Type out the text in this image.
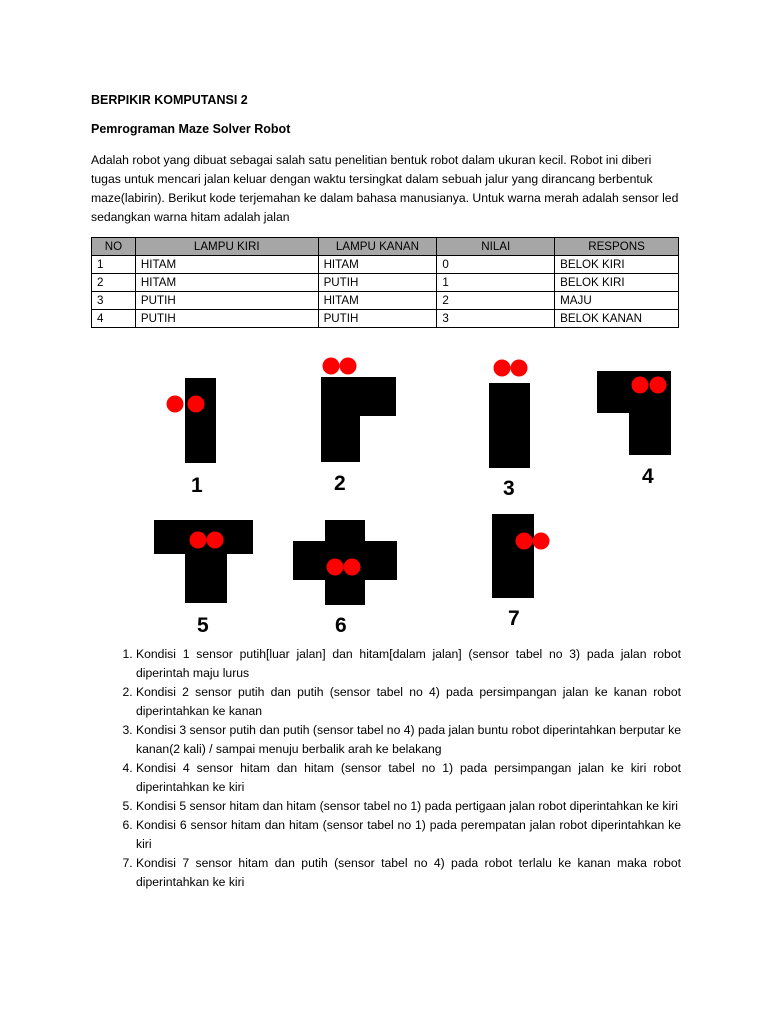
BERPIKIR KOMPUTANSI 2
Pemrograman Maze Solver Robot
Adalah robot yang dibuat sebagai salah satu penelitian bentuk robot dalam ukuran kecil. Robot ini diberi tugas untuk mencari jalan keluar dengan waktu tersingkat dalam sebuah jalur yang dirancang berbentuk maze(labirin). Berikut kode terjemahan ke dalam bahasa manusianya. Untuk warna merah adalah sensor led sedangkan warna hitam adalah jalan
NO	LAMPU KIRI	LAMPU KANAN	NILAI	RESPONS
1	HITAM	HITAM	0	BELOK KIRI
2	HITAM	PUTIH	1	BELOK KIRI
3	PUTIH	HITAM	2	MAJU
4	PUTIH	PUTIH	3	BELOK KANAN
1	2	3
4
5	6	7
1. Kondisi 1 sensor putih[luar jalan] dan hitam[dalam jalan] (sensor tabel no 3) pada jalan robot diperintah maju lurus
2. Kondisi 2 sensor putih dan putih (sensor tabel no 4) pada persimpangan jalan ke kanan robot diperintahkan ke kanan
3. Kondisi 3 sensor putih dan putih (sensor tabel no 4) pada jalan buntu robot diperintahkan berputar ke kanan(2 kali) / sampai menuju berbalik arah ke belakang
4. Kondisi 4 sensor hitam dan hitam (sensor tabel no 1) pada persimpangan jalan ke kiri robot diperintahkan ke kiri
5. Kondisi 5 sensor hitam dan hitam (sensor tabel no 1) pada pertigaan jalan robot diperintahkan ke kiri
6. Kondisi 6 sensor hitam dan hitam (sensor tabel no 1) pada perempatan jalan robot diperintahkan ke kiri
7. Kondisi 7 sensor hitam dan putih (sensor tabel no 4) pada robot terlalu ke kanan maka robot diperintahkan ke kiri
